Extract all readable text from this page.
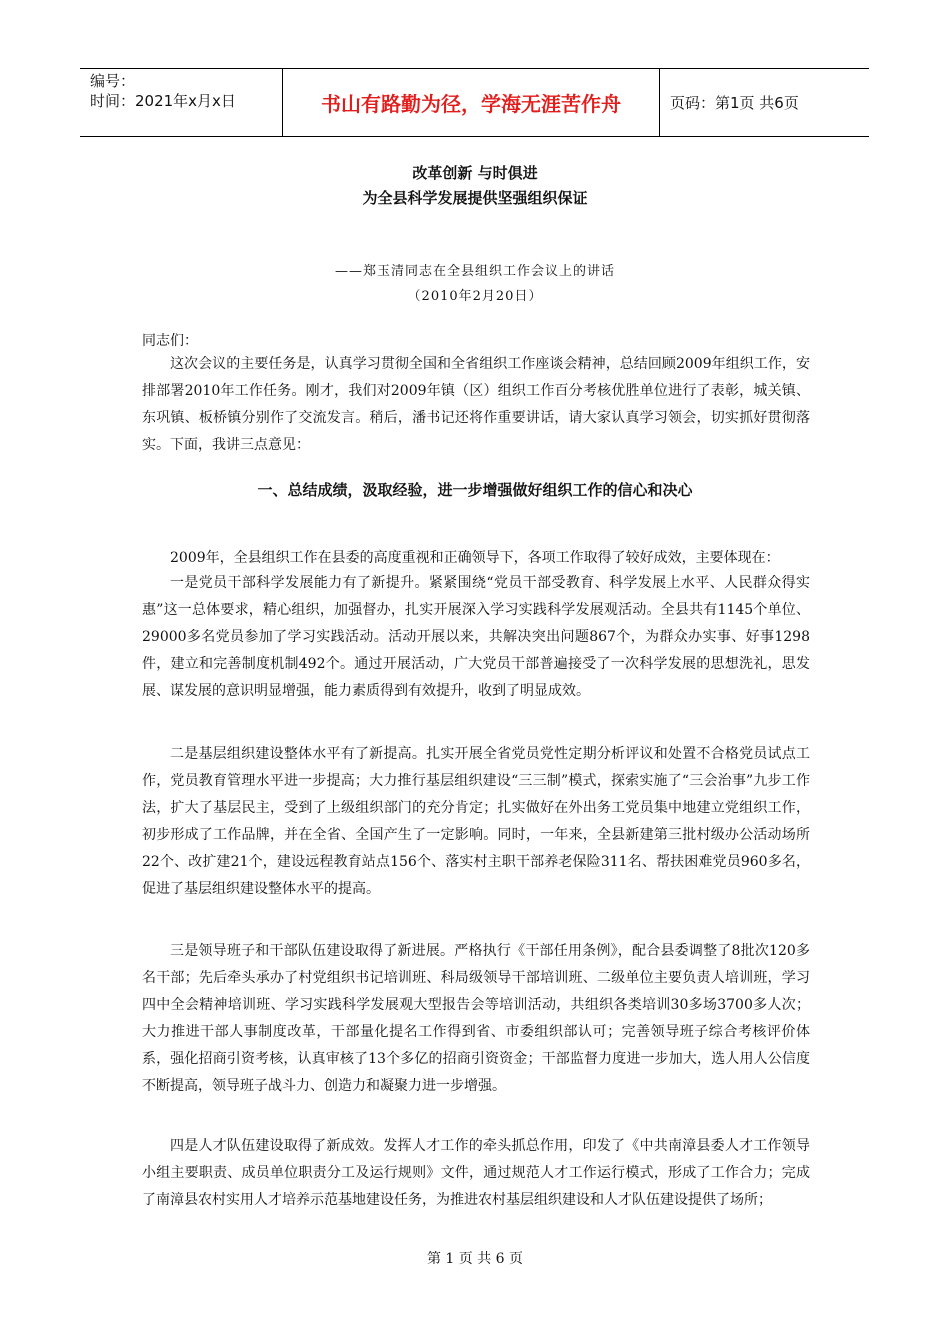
编号：
时间：2021年x月x日	书山有路勤为径，学海无涯苦作舟	页码：第1页 共6页
改革创新 与时俱进
为全县科学发展提供坚强组织保证
——郑玉清同志在全县组织工作会议上的讲话
（2010年2月20日）
同志们：

这次会议的主要任务是，认真学习贯彻全国和全省组织工作座谈会精神，总结回顾2009年组织工作，安排部署2010年工作任务。刚才，我们对2009年镇（区）组织工作百分考核优胜单位进行了表彰，城关镇、东巩镇、板桥镇分别作了交流发言。稍后，潘书记还将作重要讲话，请大家认真学习领会，切实抓好贯彻落实。下面，我讲三点意见：

一、总结成绩，汲取经验，进一步增强做好组织工作的信心和决心

2009年，全县组织工作在县委的高度重视和正确领导下，各项工作取得了较好成效，主要体现在：

一是党员干部科学发展能力有了新提升。紧紧围绕“党员干部受教育、科学发展上水平、人民群众得实惠”这一总体要求，精心组织，加强督办，扎实开展深入学习实践科学发展观活动。全县共有1145个单位、29000多名党员参加了学习实践活动。活动开展以来，共解决突出问题867个，为群众办实事、好事1298件，建立和完善制度机制492个。通过开展活动，广大党员干部普遍接受了一次科学发展的思想洗礼，思发展、谋发展的意识明显增强，能力素质得到有效提升，收到了明显成效。

二是基层组织建设整体水平有了新提高。扎实开展全省党员党性定期分析评议和处置不合格党员试点工作，党员教育管理水平进一步提高；大力推行基层组织建设“三三制”模式，探索实施了“三会治事”九步工作法，扩大了基层民主，受到了上级组织部门的充分肯定；扎实做好在外出务工党员集中地建立党组织工作，初步形成了工作品牌，并在全省、全国产生了一定影响。同时，一年来，全县新建第三批村级办公活动场所22个、改扩建21个，建设远程教育站点156个、落实村主职干部养老保险311名、帮扶困难党员960多名，促进了基层组织建设整体水平的提高。

三是领导班子和干部队伍建设取得了新进展。严格执行《干部任用条例》，配合县委调整了8批次120多名干部；先后牵头承办了村党组织书记培训班、科局级领导干部培训班、二级单位主要负责人培训班，学习四中全会精神培训班、学习实践科学发展观大型报告会等培训活动，共组织各类培训30多场3700多人次；大力推进干部人事制度改革，干部量化提名工作得到省、市委组织部认可；完善领导班子综合考核评价体系，强化招商引资考核，认真审核了13个多亿的招商引资资金；干部监督力度进一步加大，选人用人公信度不断提高，领导班子战斗力、创造力和凝聚力进一步增强。

四是人才队伍建设取得了新成效。发挥人才工作的牵头抓总作用，印发了《中共南漳县委人才工作领导小组主要职责、成员单位职责分工及运行规则》文件，通过规范人才工作运行模式，形成了工作合力；完成了南漳县农村实用人才培养示范基地建设任务，为推进农村基层组织建设和人才队伍建设提供了场所；

第 1 页 共 6 页
